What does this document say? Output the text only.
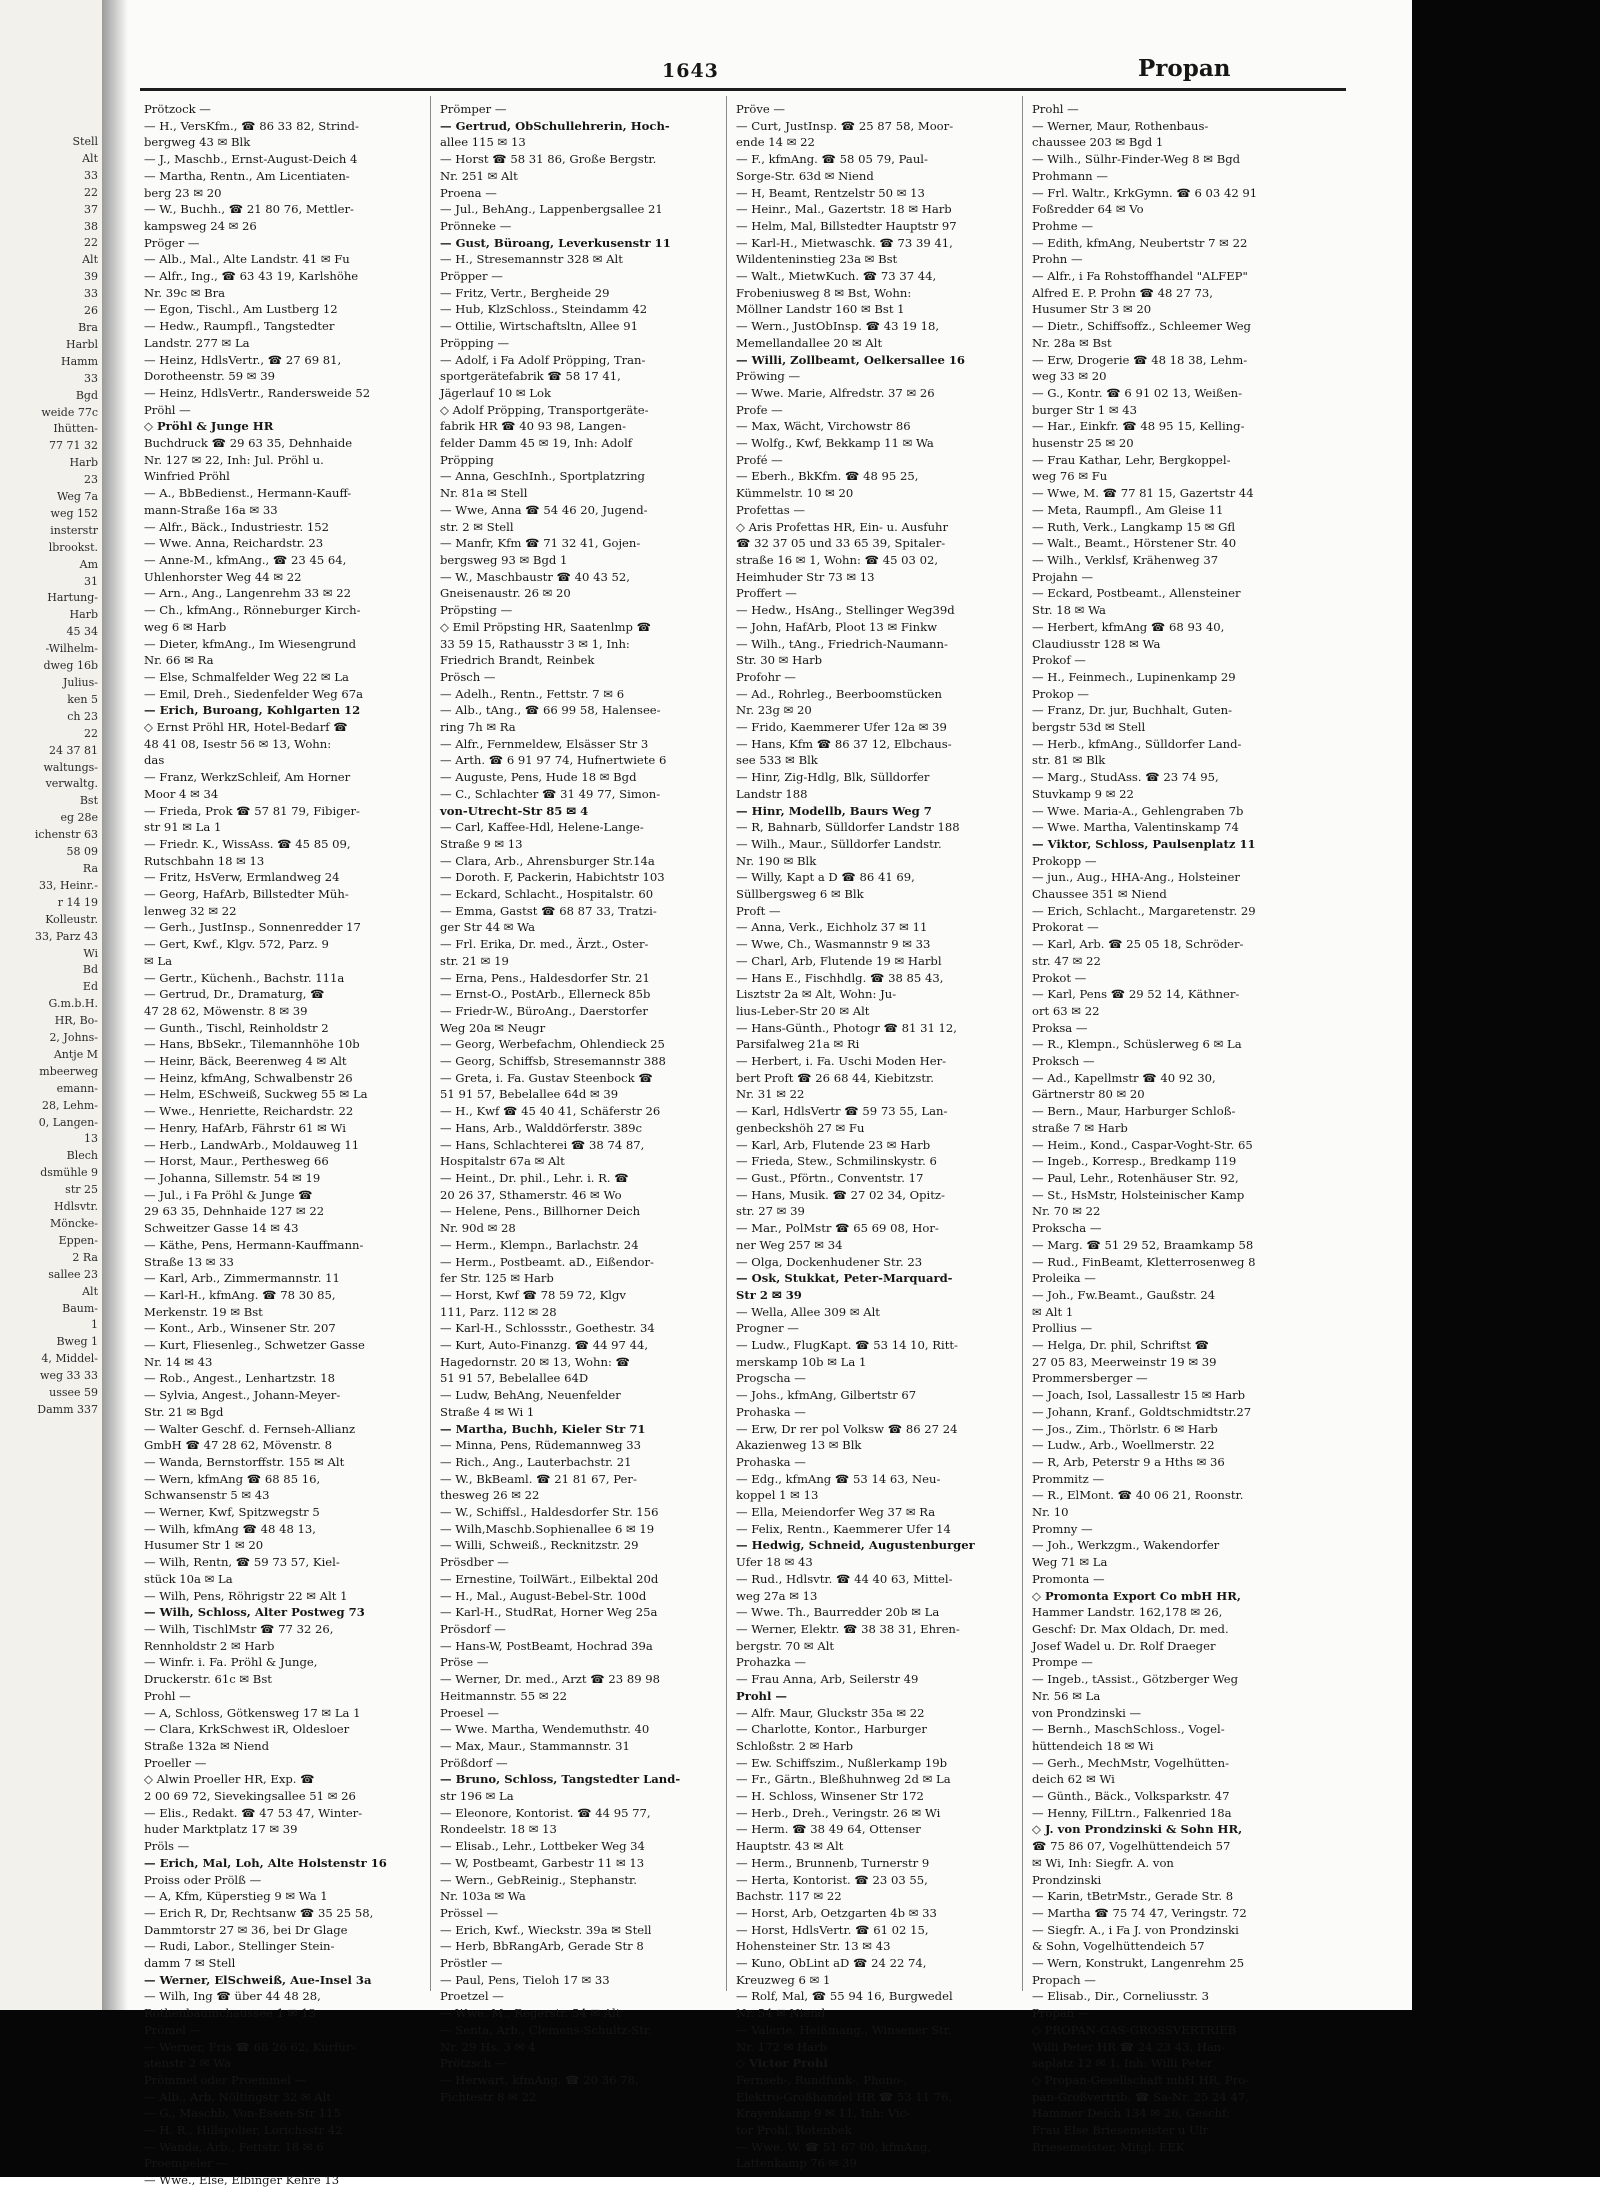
Stell
Alt
33
22
37
38
22
Alt
39
33
26
Bra
Harbl
Hamm
33
Bgd
weide 77c
Ihütten-
77 71 32
Harb
23
Weg 7a
weg 152
insterstr
lbrookst.
Am
31
Hartung-
Harb
45 34
-Wilhelm-
dweg 16b
Julius-
ken 5
ch 23
22
24 37 81
waltungs-
verwaltg.
Bst
eg 28e
ichenstr 63
58 09
Ra
33, Heinr.-
r 14 19
Kolleustr.
33, Parz 43
Wi
Bd
Ed
G.m.b.H.
HR, Bo-
2, Johns-
Antje M
mbeerweg
emann-
28, Lehm-
0, Langen-
13
Blech
dsmühle 9
str 25
Hdlsvtr.
Möncke-
Eppen-
2 Ra
sallee 23
Alt
Baum-
1
Bweg 1
4, Middel-
weg 33 33
ussee 59
Damm 337
1643	Propan
Prötzock —
— H., VersKfm., ☎ 86 33 82, Strind-
bergweg 43 ✉ Blk
— J., Maschb., Ernst-August-Deich 4
— Martha, Rentn., Am Licentiaten-
berg 23 ✉ 20
— W., Buchh., ☎ 21 80 76, Mettler-
kampsweg 24 ✉ 26
Pröger —
— Alb., Mal., Alte Landstr. 41 ✉ Fu
— Alfr., Ing., ☎ 63 43 19, Karlshöhe
Nr. 39c ✉ Bra
— Egon, Tischl., Am Lustberg 12
— Hedw., Raumpfl., Tangstedter
Landstr. 277 ✉ La
— Heinz, HdlsVertr., ☎ 27 69 81,
Dorotheenstr. 59 ✉ 39
— Heinz, HdlsVertr., Randersweide 52
Pröhl —
◇ Pröhl & Junge HR
Buchdruck ☎ 29 63 35, Dehnhaide
Nr. 127 ✉ 22, Inh: Jul. Pröhl u.
Winfried Pröhl
— A., BbBedienst., Hermann-Kauff-
mann-Straße 16a ✉ 33
— Alfr., Bäck., Industriestr. 152
— Wwe. Anna, Reichardstr. 23
— Anne-M., kfmAng., ☎ 23 45 64,
Uhlenhorster Weg 44 ✉ 22
— Arn., Ang., Langenrehm 33 ✉ 22
— Ch., kfmAng., Rönneburger Kirch-
weg 6 ✉ Harb
— Dieter, kfmAng., Im Wiesengrund
Nr. 66 ✉ Ra
— Else, Schmalfelder Weg 22 ✉ La
— Emil, Dreh., Siedenfelder Weg 67a
— Erich, Buroang, Kohlgarten 12
◇ Ernst Pröhl HR, Hotel-Bedarf ☎
48 41 08, Isestr 56 ✉ 13, Wohn:
das
— Franz, WerkzSchleif, Am Horner
Moor 4 ✉ 34
— Frieda, Prok ☎ 57 81 79, Fibiger-
str 91 ✉ La 1
— Friedr. K., WissAss. ☎ 45 85 09,
Rutschbahn 18 ✉ 13
— Fritz, HsVerw, Ermlandweg 24
— Georg, HafArb, Billstedter Müh-
lenweg 32 ✉ 22
— Gerh., JustInsp., Sonnenredder 17
— Gert, Kwf., Klgv. 572, Parz. 9
✉ La
— Gertr., Küchenh., Bachstr. 111a
— Gertrud, Dr., Dramaturg, ☎
47 28 62, Möwenstr. 8 ✉ 39
— Gunth., Tischl, Reinholdstr 2
— Hans, BbSekr., Tilemannhöhe 10b
— Heinr, Bäck, Beerenweg 4 ✉ Alt
— Heinz, kfmAng, Schwalbenstr 26
— Helm, ESchweiß, Suckweg 55 ✉ La
— Wwe., Henriette, Reichardstr. 22
— Henry, HafArb, Fährstr 61 ✉ Wi
— Herb., LandwArb., Moldauweg 11
— Horst, Maur., Perthesweg 66
— Johanna, Sillemstr. 54 ✉ 19
— Jul., i Fa Pröhl & Junge ☎
29 63 35, Dehnhaide 127 ✉ 22
Schweitzer Gasse 14 ✉ 43
— Käthe, Pens, Hermann-Kauffmann-
Straße 13 ✉ 33
— Karl, Arb., Zimmermannstr. 11
— Karl-H., kfmAng. ☎ 78 30 85,
Merkenstr. 19 ✉ Bst
— Kont., Arb., Winsener Str. 207
— Kurt, Fliesenleg., Schwetzer Gasse
Nr. 14 ✉ 43
— Rob., Angest., Lenhartzstr. 18
— Sylvia, Angest., Johann-Meyer-
Str. 21 ✉ Bgd
— Walter Geschf. d. Fernseh-Allianz
GmbH ☎ 47 28 62, Mövenstr. 8
— Wanda, Bernstorffstr. 155 ✉ Alt
— Wern, kfmAng ☎ 68 85 16,
Schwansenstr 5 ✉ 43
— Werner, Kwf, Spitzwegstr 5
— Wilh, kfmAng ☎ 48 48 13,
Husumer Str 1 ✉ 20
— Wilh, Rentn, ☎ 59 73 57, Kiel-
stück 10a ✉ La
— Wilh, Pens, Röhrigstr 22 ✉ Alt 1
— Wilh, Schloss, Alter Postweg 73
— Wilh, TischlMstr ☎ 77 32 26,
Rennholdstr 2 ✉ Harb
— Winfr. i. Fa. Pröhl & Junge,
Druckerstr. 61c ✉ Bst
Prohl —
— A, Schloss, Götkensweg 17 ✉ La 1
— Clara, KrkSchwest iR, Oldesloer
Straße 132a ✉ Niend
Proeller —
◇ Alwin Proeller HR, Exp. ☎
2 00 69 72, Sievekingsallee 51 ✉ 26
— Elis., Redakt. ☎ 47 53 47, Winter-
huder Marktplatz 17 ✉ 39
Pröls —
— Erich, Mal, Loh, Alte Holstenstr 16
Proiss oder Prölß —
— A, Kfm, Küperstieg 9 ✉ Wa 1
— Erich R, Dr, Rechtsanw ☎ 35 25 58,
Dammtorstr 27 ✉ 36, bei Dr Glage
— Rudi, Labor., Stellinger Stein-
damm 7 ✉ Stell
— Werner, ElSchweiß, Aue-Insel 3a
— Wilh, Ing ☎ über 44 48 28,
Rothenbaumchaussee 1 ✉ 13
Prömel —
— Werner, Fris ☎ 68 26 62, Kurfür-
stenstr 2 ✉ Wa
Prömmel oder Proemmel —
— Alb., Arb, Nöltingstr 32 ✉ Alt
— G., Maschb, Von-Essen-Str 115
— H. R., Hillspolier, Lorichsstr 42
— Wanda, Arb., Fettstr. 18 ✉ 6
Proempeler —
— Wwe., Else, Elbinger Kehre 13
Prömper —
— Gertrud, ObSchullehrerin, Hoch-
allee 115 ✉ 13
— Horst ☎ 58 31 86, Große Bergstr.
Nr. 251 ✉ Alt
Proena —
— Jul., BehAng., Lappenbergsallee 21
Prönneke —
— Gust, Büroang, Leverkusenstr 11
— H., Stresemannstr 328 ✉ Alt
Pröpper —
— Fritz, Vertr., Bergheide 29
— Hub, KlzSchloss., Steindamm 42
— Ottilie, Wirtschaftsltn, Allee 91
Pröpping —
— Adolf, i Fa Adolf Pröpping, Tran-
sportgerätefabrik ☎ 58 17 41,
Jägerlauf 10 ✉ Lok
◇ Adolf Pröpping, Transportgeräte-
fabrik HR ☎ 40 93 98, Langen-
felder Damm 45 ✉ 19, Inh: Adolf
Pröpping
— Anna, GeschInh., Sportplatzring
Nr. 81a ✉ Stell
— Wwe, Anna ☎ 54 46 20, Jugend-
str. 2 ✉ Stell
— Manfr, Kfm ☎ 71 32 41, Gojen-
bergsweg 93 ✉ Bgd 1
— W., Maschbaustr ☎ 40 43 52,
Gneisenaustr. 26 ✉ 20
Pröpsting —
◇ Emil Pröpsting HR, Saatenlmp ☎
33 59 15, Rathausstr 3 ✉ 1, Inh:
Friedrich Brandt, Reinbek
Prösch —
— Adelh., Rentn., Fettstr. 7 ✉ 6
— Alb., tAng., ☎ 66 99 58, Halensee-
ring 7h ✉ Ra
— Alfr., Fernmeldew, Elsässer Str 3
— Arth. ☎ 6 91 97 74, Hufnertwiete 6
— Auguste, Pens, Hude 18 ✉ Bgd
— C., Schlachter ☎ 31 49 77, Simon-
von-Utrecht-Str 85 ✉ 4
— Carl, Kaffee-Hdl, Helene-Lange-
Straße 9 ✉ 13
— Clara, Arb., Ahrensburger Str.14a
— Doroth. F, Packerin, Habichtstr 103
— Eckard, Schlacht., Hospitalstr. 60
— Emma, Gastst ☎ 68 87 33, Tratzi-
ger Str 44 ✉ Wa
— Frl. Erika, Dr. med., Ärzt., Oster-
str. 21 ✉ 19
— Erna, Pens., Haldesdorfer Str. 21
— Ernst-O., PostArb., Ellerneck 85b
— Friedr-W., BüroAng., Daerstorfer
Weg 20a ✉ Neugr
— Georg, Werbefachm, Ohlendieck 25
— Georg, Schiffsb, Stresemannstr 388
— Greta, i. Fa. Gustav Steenbock ☎
51 91 57, Bebelallee 64d ✉ 39
— H., Kwf ☎ 45 40 41, Schäferstr 26
— Hans, Arb., Walddörferstr. 389c
— Hans, Schlachterei ☎ 38 74 87,
Hospitalstr 67a ✉ Alt
— Heint., Dr. phil., Lehr. i. R. ☎
20 26 37, Sthamerstr. 46 ✉ Wo
— Helene, Pens., Billhorner Deich
Nr. 90d ✉ 28
— Herm., Klempn., Barlachstr. 24
— Herm., Postbeamt. aD., Eißendor-
fer Str. 125 ✉ Harb
— Horst, Kwf ☎ 78 59 72, Klgv
111, Parz. 112 ✉ 28
— Karl-H., Schlossstr., Goethestr. 34
— Kurt, Auto-Finanzg. ☎ 44 97 44,
Hagedornstr. 20 ✉ 13, Wohn: ☎
51 91 57, Bebelallee 64D
— Ludw, BehAng, Neuenfelder
Straße 4 ✉ Wi 1
— Martha, Buchh, Kieler Str 71
— Minna, Pens, Rüdemannweg 33
— Rich., Ang., Lauterbachstr. 21
— W., BkBeaml. ☎ 21 81 67, Per-
thesweg 26 ✉ 22
— W., Schiffsl., Haldesdorfer Str. 156
— Wilh,Maschb.Sophienallee 6 ✉ 19
— Willi, Schweiß., Recknitzstr. 29
Prösdber —
— Ernestine, ToilWärt., Eilbektal 20d
— H., Mal., August-Bebel-Str. 100d
— Karl-H., StudRat, Horner Weg 25a
Prösdorf —
— Hans-W, PostBeamt, Hochrad 39a
Pröse —
— Werner, Dr. med., Arzt ☎ 23 89 98
Heitmannstr. 55 ✉ 22
Proesel —
— Wwe. Martha, Wendemuthstr. 40
— Max, Maur., Stammannstr. 31
Prößdorf —
— Bruno, Schloss, Tangstedter Land-
str 196 ✉ La
— Eleonore, Kontorist. ☎ 44 95 77,
Rondeelstr. 18 ✉ 13
— Elisab., Lehr., Lottbeker Weg 34
— W, Postbeamt, Garbestr 11 ✉ 13
— Wern., GebReinig., Stephanstr.
Nr. 103a ✉ Wa
Prössel —
— Erich, Kwf., Wieckstr. 39a ✉ Stell
— Herb, BbRangArb, Gerade Str 8
Pröstler —
— Paul, Pens, Tieloh 17 ✉ 33
Proetzel —
— Wwe. M., Regerstr. 54 ✉ Alt
— Senta, Arb., Clemens-Schultz-Str.
Nr. 29 Hs. 3 ✉ 4
Prötzsch —
— Herwart, kfmAng. ☎ 20 36 78,
Fichtestr 8 ✉ 22
Pröve —
— Curt, JustInsp. ☎ 25 87 58, Moor-
ende 14 ✉ 22
— F., kfmAng. ☎ 58 05 79, Paul-
Sorge-Str. 63d ✉ Niend
— H, Beamt, Rentzelstr 50 ✉ 13
— Heinr., Mal., Gazertstr. 18 ✉ Harb
— Helm, Mal, Billstedter Hauptstr 97
— Karl-H., Mietwaschk. ☎ 73 39 41,
Wildenteninstieg 23a ✉ Bst
— Walt., MietwKuch. ☎ 73 37 44,
Frobeniusweg 8 ✉ Bst, Wohn:
Möllner Landstr 160 ✉ Bst 1
— Wern., JustObInsp. ☎ 43 19 18,
Memellandallee 20 ✉ Alt
— Willi, Zollbeamt, Oelkersallee 16
Pröwing —
— Wwe. Marie, Alfredstr. 37 ✉ 26
Profe —
— Max, Wächt, Virchowstr 86
— Wolfg., Kwf, Bekkamp 11 ✉ Wa
Profé —
— Eberh., BkKfm. ☎ 48 95 25,
Kümmelstr. 10 ✉ 20
Profettas —
◇ Aris Profettas HR, Ein- u. Ausfuhr
☎ 32 37 05 und 33 65 39, Spitaler-
straße 16 ✉ 1, Wohn: ☎ 45 03 02,
Heimhuder Str 73 ✉ 13
Proffert —
— Hedw., HsAng., Stellinger Weg39d
— John, HafArb, Ploot 13 ✉ Finkw
— Wilh., tAng., Friedrich-Naumann-
Str. 30 ✉ Harb
Profohr —
— Ad., Rohrleg., Beerboomstücken
Nr. 23g ✉ 20
— Frido, Kaemmerer Ufer 12a ✉ 39
— Hans, Kfm ☎ 86 37 12, Elbchaus-
see 533 ✉ Blk
— Hinr, Zig-Hdlg, Blk, Sülldorfer
Landstr 188
— Hinr, Modellb, Baurs Weg 7
— R, Bahnarb, Sülldorfer Landstr 188
— Wilh., Maur., Sülldorfer Landstr.
Nr. 190 ✉ Blk
— Willy, Kapt a D ☎ 86 41 69,
Süllbergsweg 6 ✉ Blk
Proft —
— Anna, Verk., Eichholz 37 ✉ 11
— Wwe, Ch., Wasmannstr 9 ✉ 33
— Charl, Arb, Flutende 19 ✉ Harbl
— Hans E., Fischhdlg. ☎ 38 85 43,
Lisztstr 2a ✉ Alt, Wohn: Ju-
lius-Leber-Str 20 ✉ Alt
— Hans-Günth., Photogr ☎ 81 31 12,
Parsifalweg 21a ✉ Ri
— Herbert, i. Fa. Uschi Moden Her-
bert Proft ☎ 26 68 44, Kiebitzstr.
Nr. 31 ✉ 22
— Karl, HdlsVertr ☎ 59 73 55, Lan-
genbeckshöh 27 ✉ Fu
— Karl, Arb, Flutende 23 ✉ Harb
— Frieda, Stew., Schmilinskystr. 6
— Gust., Pförtn., Conventstr. 17
— Hans, Musik. ☎ 27 02 34, Opitz-
str. 27 ✉ 39
— Mar., PolMstr ☎ 65 69 08, Hor-
ner Weg 257 ✉ 34
— Olga, Dockenhudener Str. 23
— Osk, Stukkat, Peter-Marquard-
Str 2 ✉ 39
— Wella, Allee 309 ✉ Alt
Progner —
— Ludw., FlugKapt. ☎ 53 14 10, Ritt-
merskamp 10b ✉ La 1
Progscha —
— Johs., kfmAng, Gilbertstr 67
Prohaska —
— Erw, Dr rer pol Volksw ☎ 86 27 24
Akazienweg 13 ✉ Blk
Prohaska —
— Edg., kfmAng ☎ 53 14 63, Neu-
koppel 1 ✉ 13
— Ella, Meiendorfer Weg 37 ✉ Ra
— Felix, Rentn., Kaemmerer Ufer 14
— Hedwig, Schneid, Augustenburger
Ufer 18 ✉ 43
— Rud., Hdlsvtr. ☎ 44 40 63, Mittel-
weg 27a ✉ 13
— Wwe. Th., Baurredder 20b ✉ La
— Werner, Elektr. ☎ 38 38 31, Ehren-
bergstr. 70 ✉ Alt
Prohazka —
— Frau Anna, Arb, Seilerstr 49
Prohl —
— Alfr. Maur, Gluckstr 35a ✉ 22
— Charlotte, Kontor., Harburger
Schloßstr. 2 ✉ Harb
— Ew. Schiffszim., Nußlerkamp 19b
— Fr., Gärtn., Bleßhuhnweg 2d ✉ La
— H. Schloss, Winsener Str 172
— Herb., Dreh., Veringstr. 26 ✉ Wi
— Herm. ☎ 38 49 64, Ottenser
Hauptstr. 43 ✉ Alt
— Herm., Brunnenb, Turnerstr 9
— Herta, Kontorist. ☎ 23 03 55,
Bachstr. 117 ✉ 22
— Horst, Arb, Oetzgarten 4b ✉ 33
— Horst, HdlsVertr. ☎ 61 02 15,
Hohensteiner Str. 13 ✉ 43
— Kuno, ObLint aD ☎ 24 22 74,
Kreuzweg 6 ✉ 1
— Rolf, Mal, ☎ 55 94 16, Burgwedel
Nr. 54 ✉ Niend
— Valerie, Heißmang., Winsener Str.
Nr. 172 ✉ Harb
◇ Victor Prohl
Fernseh-, Rundfunk-, Phono-,
Elektro-Großhandel HR ☎ 53 11 76,
Krayenkamp 9 ✉ 11, Inh: Vic-
tor Prohl, Rotenbek
— Wwe. W. ☎ 51 67 00, kfmAng,
Lattenkamp 76 ✉ 39
Prohl —
— Werner, Maur, Rothenbaus-
chaussee 203 ✉ Bgd 1
— Wilh., Sülhr-Finder-Weg 8 ✉ Bgd
Prohmann —
— Frl. Waltr., KrkGymn. ☎ 6 03 42 91
Foßredder 64 ✉ Vo
Prohme —
— Edith, kfmAng, Neubertstr 7 ✉ 22
Prohn —
— Alfr., i Fa Rohstoffhandel "ALFEP"
Alfred E. P. Prohn ☎ 48 27 73,
Husumer Str 3 ✉ 20
— Dietr., Schiffsoffz., Schleemer Weg
Nr. 28a ✉ Bst
— Erw, Drogerie ☎ 48 18 38, Lehm-
weg 33 ✉ 20
— G., Kontr. ☎ 6 91 02 13, Weißen-
burger Str 1 ✉ 43
— Har., Einkfr. ☎ 48 95 15, Kelling-
husenstr 25 ✉ 20
— Frau Kathar, Lehr, Bergkoppel-
weg 76 ✉ Fu
— Wwe, M. ☎ 77 81 15, Gazertstr 44
— Meta, Raumpfl., Am Gleise 11
— Ruth, Verk., Langkamp 15 ✉ Gfl
— Walt., Beamt., Hörstener Str. 40
— Wilh., Verklsf, Krähenweg 37
Projahn —
— Eckard, Postbeamt., Allensteiner
Str. 18 ✉ Wa
— Herbert, kfmAng ☎ 68 93 40,
Claudiusstr 128 ✉ Wa
Prokof —
— H., Feinmech., Lupinenkamp 29
Prokop —
— Franz, Dr. jur, Buchhalt, Guten-
bergstr 53d ✉ Stell
— Herb., kfmAng., Sülldorfer Land-
str. 81 ✉ Blk
— Marg., StudAss. ☎ 23 74 95,
Stuvkamp 9 ✉ 22
— Wwe. Maria-A., Gehlengraben 7b
— Wwe. Martha, Valentinskamp 74
— Viktor, Schloss, Paulsenplatz 11
Prokopp —
— jun., Aug., HHA-Ang., Holsteiner
Chaussee 351 ✉ Niend
— Erich, Schlacht., Margaretenstr. 29
Prokorat —
— Karl, Arb. ☎ 25 05 18, Schröder-
str. 47 ✉ 22
Prokot —
— Karl, Pens ☎ 29 52 14, Käthner-
ort 63 ✉ 22
Proksa —
— R., Klempn., Schüslerweg 6 ✉ La
Proksch —
— Ad., Kapellmstr ☎ 40 92 30,
Gärtnerstr 80 ✉ 20
— Bern., Maur, Harburger Schloß-
straße 7 ✉ Harb
— Heim., Kond., Caspar-Voght-Str. 65
— Ingeb., Korresp., Bredkamp 119
— Paul, Lehr., Rotenhäuser Str. 92,
— St., HsMstr, Holsteinischer Kamp
Nr. 70 ✉ 22
Prokscha —
— Marg. ☎ 51 29 52, Braamkamp 58
— Rud., FinBeamt, Kletterrosenweg 8
Proleika —
— Joh., Fw.Beamt., Gaußstr. 24
✉ Alt 1
Prollius —
— Helga, Dr. phil, Schriftst ☎
27 05 83, Meerweinstr 19 ✉ 39
Prommersberger —
— Joach, Isol, Lassallestr 15 ✉ Harb
— Johann, Kranf., Goldtschmidtstr.27
— Jos., Zim., Thörlstr. 6 ✉ Harb
— Ludw., Arb., Woellmerstr. 22
— R, Arb, Peterstr 9 a Hths ✉ 36
Prommitz —
— R., ElMont. ☎ 40 06 21, Roonstr.
Nr. 10
Promny —
— Joh., Werkzgm., Wakendorfer
Weg 71 ✉ La
Promonta —
◇ Promonta Export Co mbH HR,
Hammer Landstr. 162,178 ✉ 26,
Geschf: Dr. Max Oldach, Dr. med.
Josef Wadel u. Dr. Rolf Draeger
Prompe —
— Ingeb., tAssist., Götzberger Weg
Nr. 56 ✉ La
von Prondzinski —
— Bernh., MaschSchloss., Vogel-
hüttendeich 18 ✉ Wi
— Gerh., MechMstr, Vogelhütten-
deich 62 ✉ Wi
— Günth., Bäck., Volksparkstr. 47
— Henny, FilLtrn., Falkenried 18a
◇ J. von Prondzinski & Sohn HR,
☎ 75 86 07, Vogelhüttendeich 57
✉ Wi, Inh: Siegfr. A. von
Prondzinski
— Karin, tBetrMstr., Gerade Str. 8
— Martha ☎ 75 74 47, Veringstr. 72
— Siegfr. A., i Fa J. von Prondzinski
& Sohn, Vogelhüttendeich 57
— Wern, Konstrukt, Langenrehm 25
Propach —
— Elisab., Dir., Corneliusstr. 3
Propan —
◇ PROPAN-GAS-GROSSVERTRIEB
Willi Peter HR ☎ 24 23 43, Han-
saplatz 12 ✉ 1, Inh: Willi Peter
◇ Propan-Gesellschaft mbH HR, Pro-
pan-Großvertrib. ☎ Sa-Nr. 25 24 47,
Hammer Deich 134 ✉ 26, Geschf:
Frau Else Briesemeister u Ulr
Briesemeister, Mitgl. EEK
